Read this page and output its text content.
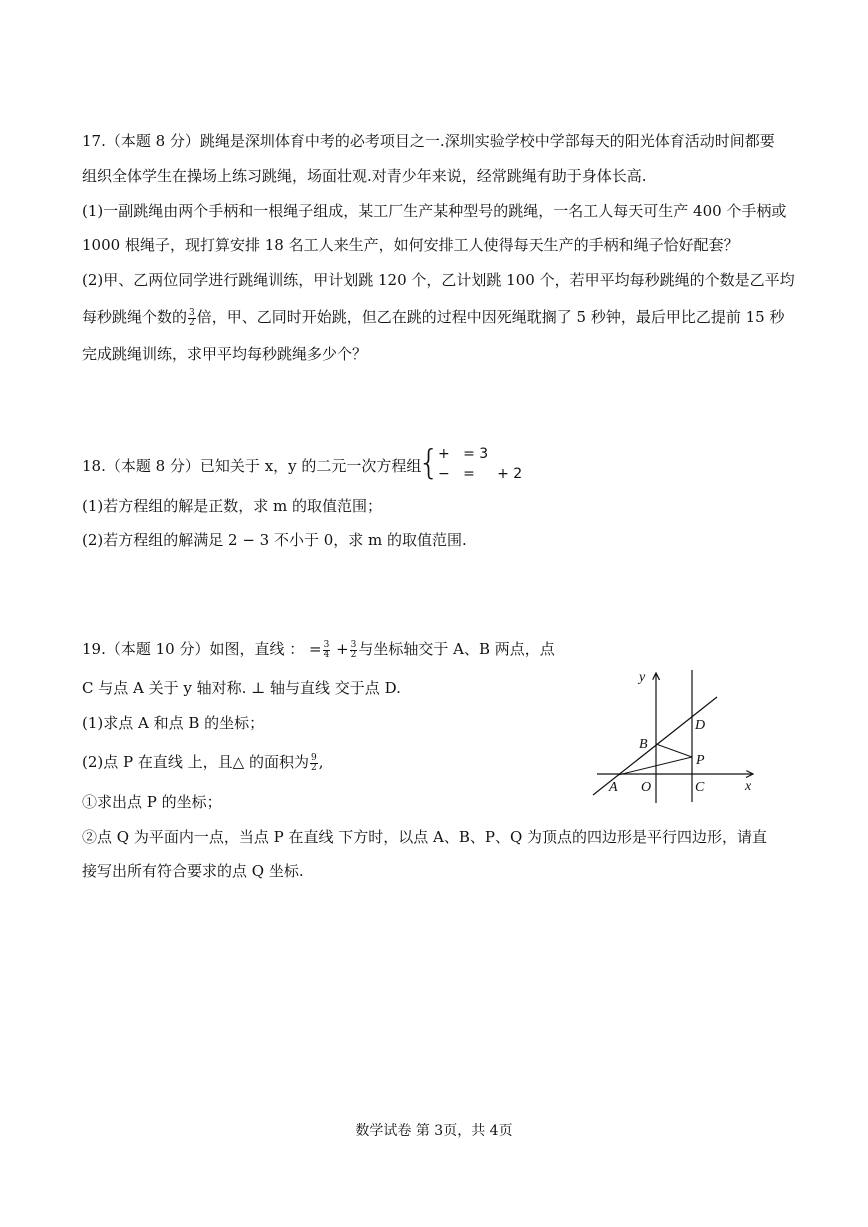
17.（本题 8 分）跳绳是深圳体育中考的必考项目之一.深圳实验学校中学部每天的阳光体育活动时间都要
组织全体学生在操场上练习跳绳，场面壮观.对青少年来说，经常跳绳有助于身体长高.
(1)一副跳绳由两个手柄和一根绳子组成，某工厂生产某种型号的跳绳，一名工人每天可生产 400 个手柄或
1000 根绳子，现打算安排 18 名工人来生产，如何安排工人使得每天生产的手柄和绳子恰好配套？
(2)甲、乙两位同学进行跳绳训练，甲计划跳 120 个，乙计划跳 100 个，若甲平均每秒跳绳的个数是乙平均
每秒跳绳个数的 $\frac{3}{2}$ 倍，甲、乙同时开始跳，但乙在跳的过程中因死绳耽搁了 5 秒钟，最后甲比乙提前 15 秒
完成跳绳训练，求甲平均每秒跳绳多少个？
18.（本题 8 分）已知关于 x，y 的二元一次方程组
{
+   = 3
−   =     + 2
(1)若方程组的解是正数，求 m 的取值范围；
(2)若方程组的解满足 2 − 3 不小于 0，求 m 的取值范围.
19.（本题 10 分）如图，直线 ： = $\frac{3}{4} + \frac{3}{2}$ 与坐标轴交于 A、B 两点，点
C 与点 A 关于 y 轴对称. ⊥ 轴与直线 交于点 D.
(1)求点 A 和点 B 的坐标；
(2)点 P 在直线 上，且△ 的面积为 $\frac{9}{2}$ ,
①求出点 P 的坐标；
②点 Q 为平面内一点，当点 P 在直线 下方时，以点 A、B、P、Q 为顶点的四边形是平行四边形，请直
接写出所有符合要求的点 Q 坐标.
y
x
A O	C
B
P
D
数学试卷 第 3页，共 4页
